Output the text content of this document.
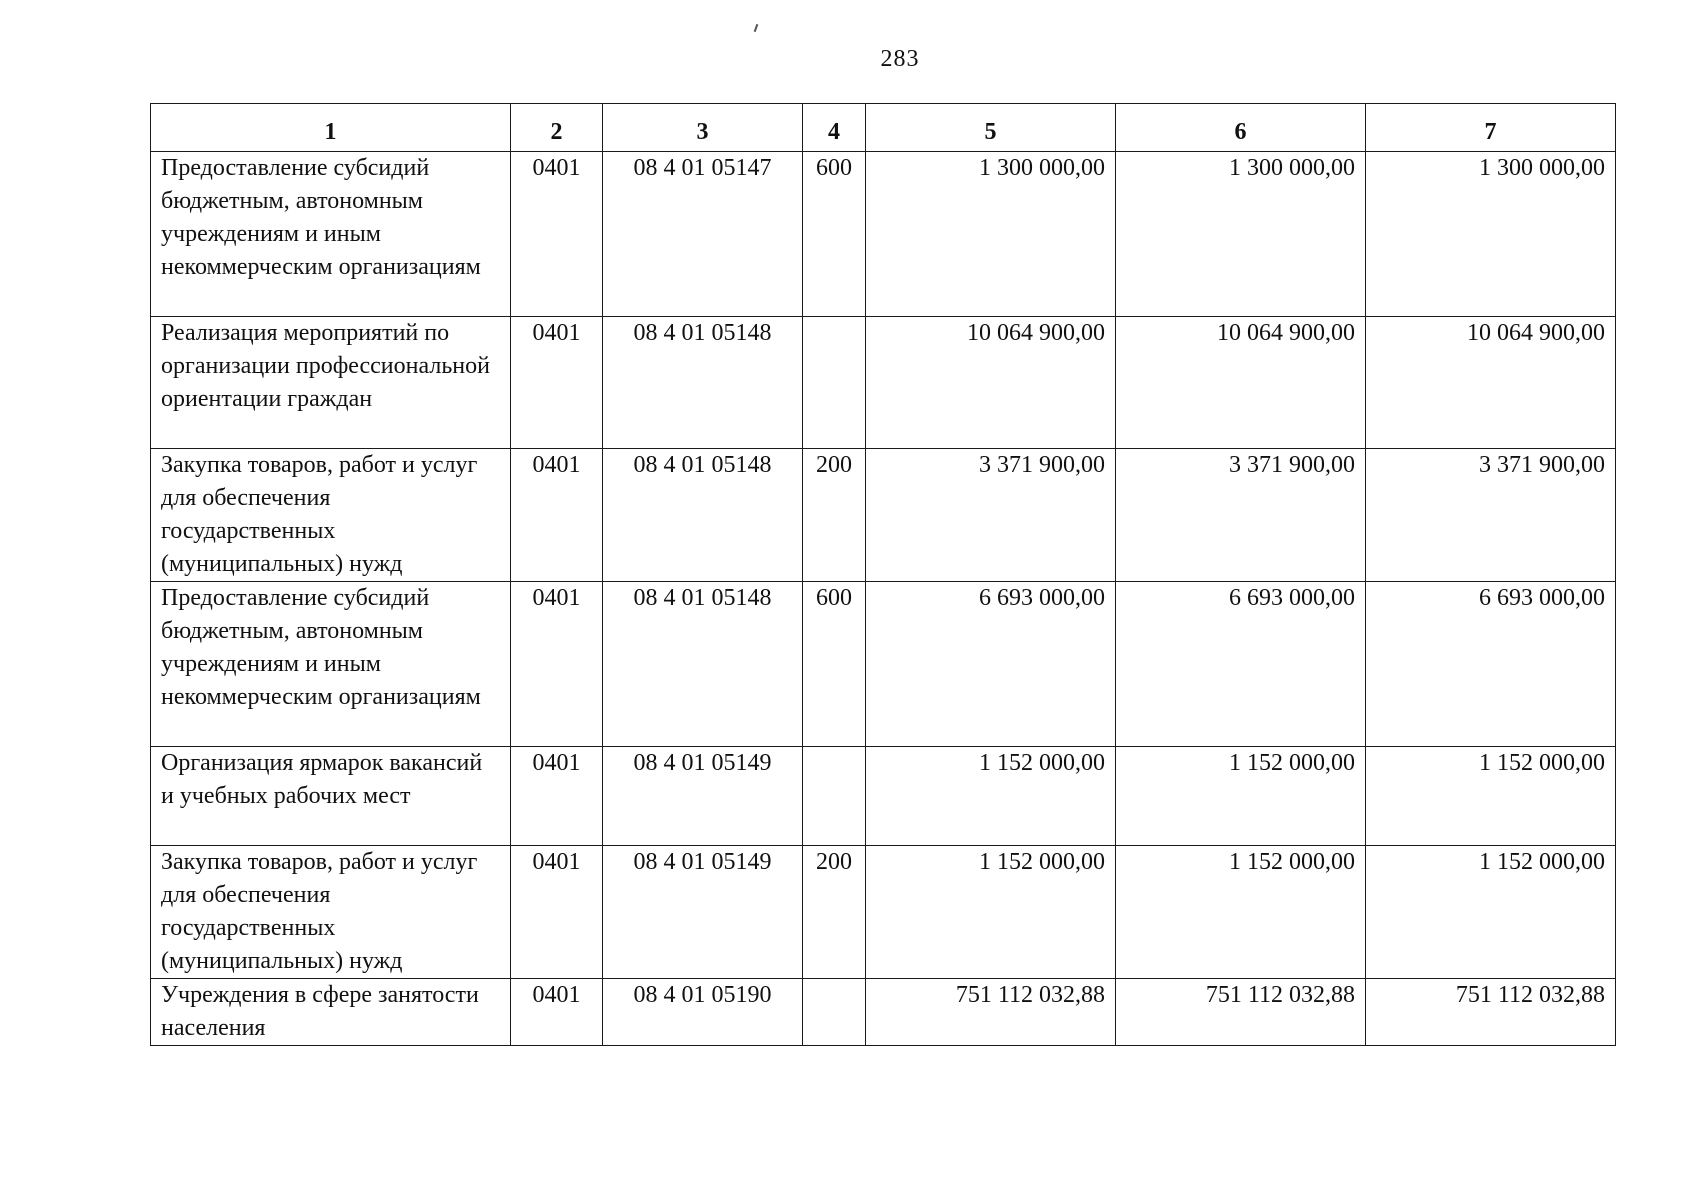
283
1	2	3	4	5	6	7
Предоставление субсидий бюджетным, автономным учреждениям и иным некоммерческим организациям	0401	08 4 01 05147	600	1 300 000,00	1 300 000,00	1 300 000,00
Реализация мероприятий по организации профессиональной ориентации граждан	0401	08 4 01 05148		10 064 900,00	10 064 900,00	10 064 900,00
Закупка товаров, работ и услуг для обеспечения государственных (муниципальных) нужд	0401	08 4 01 05148	200	3 371 900,00	3 371 900,00	3 371 900,00
Предоставление субсидий бюджетным, автономным учреждениям и иным некоммерческим организациям	0401	08 4 01 05148	600	6 693 000,00	6 693 000,00	6 693 000,00
Организация ярмарок вакансий и учебных рабочих мест	0401	08 4 01 05149		1 152 000,00	1 152 000,00	1 152 000,00
Закупка товаров, работ и услуг для обеспечения государственных (муниципальных) нужд	0401	08 4 01 05149	200	1 152 000,00	1 152 000,00	1 152 000,00
Учреждения в сфере занятости населения	0401	08 4 01 05190		751 112 032,88	751 112 032,88	751 112 032,88
